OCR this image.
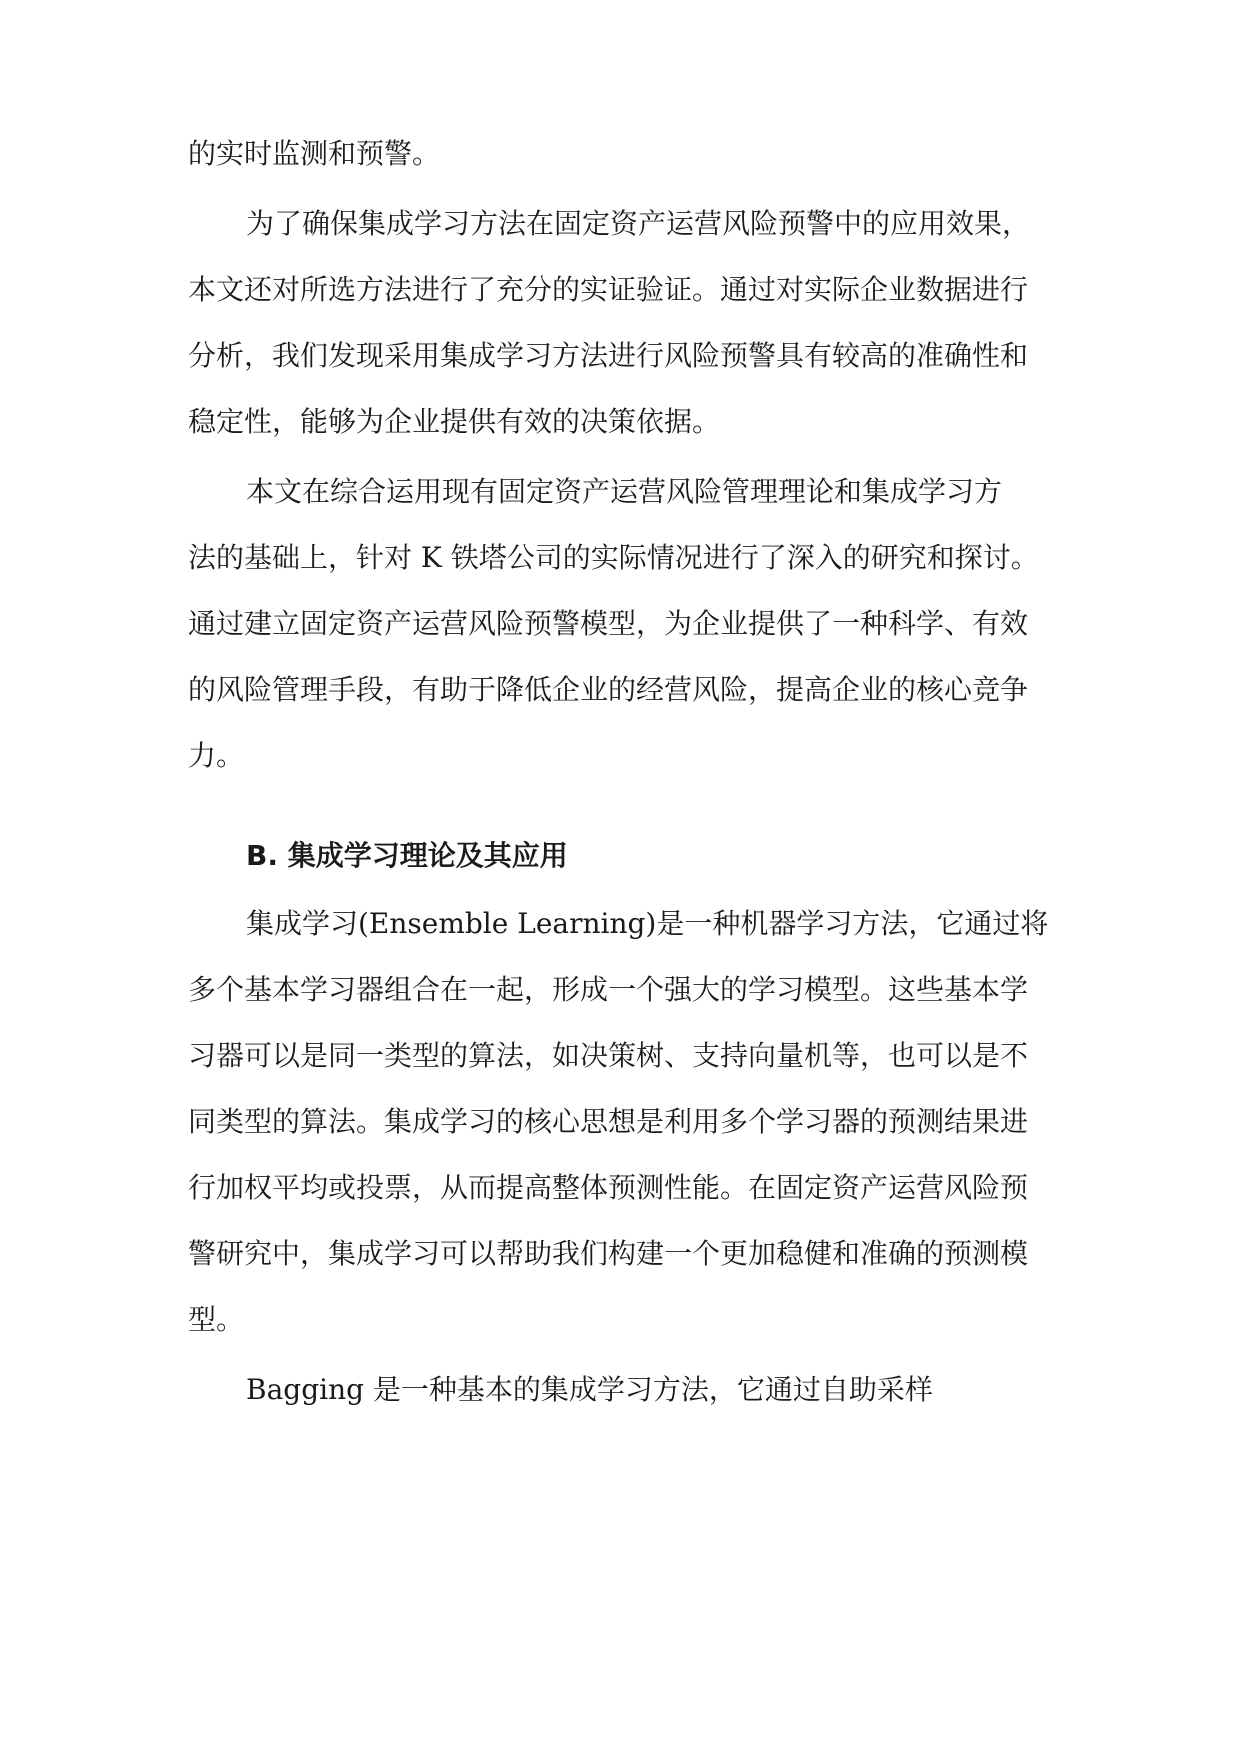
的实时监测和预警。
为了确保集成学习方法在固定资产运营风险预警中的应用效果，
本文还对所选方法进行了充分的实证验证。通过对实际企业数据进行
分析，我们发现采用集成学习方法进行风险预警具有较高的准确性和
稳定性，能够为企业提供有效的决策依据。
本文在综合运用现有固定资产运营风险管理理论和集成学习方
法的基础上，针对 K 铁塔公司的实际情况进行了深入的研究和探讨。
通过建立固定资产运营风险预警模型，为企业提供了一种科学、有效
的风险管理手段，有助于降低企业的经营风险，提高企业的核心竞争
力。
B. 集成学习理论及其应用
集成学习(Ensemble Learning)是一种机器学习方法，它通过将
多个基本学习器组合在一起，形成一个强大的学习模型。这些基本学
习器可以是同一类型的算法，如决策树、支持向量机等，也可以是不
同类型的算法。集成学习的核心思想是利用多个学习器的预测结果进
行加权平均或投票，从而提高整体预测性能。在固定资产运营风险预
警研究中，集成学习可以帮助我们构建一个更加稳健和准确的预测模
型。
Bagging 是一种基本的集成学习方法，它通过自助采样
